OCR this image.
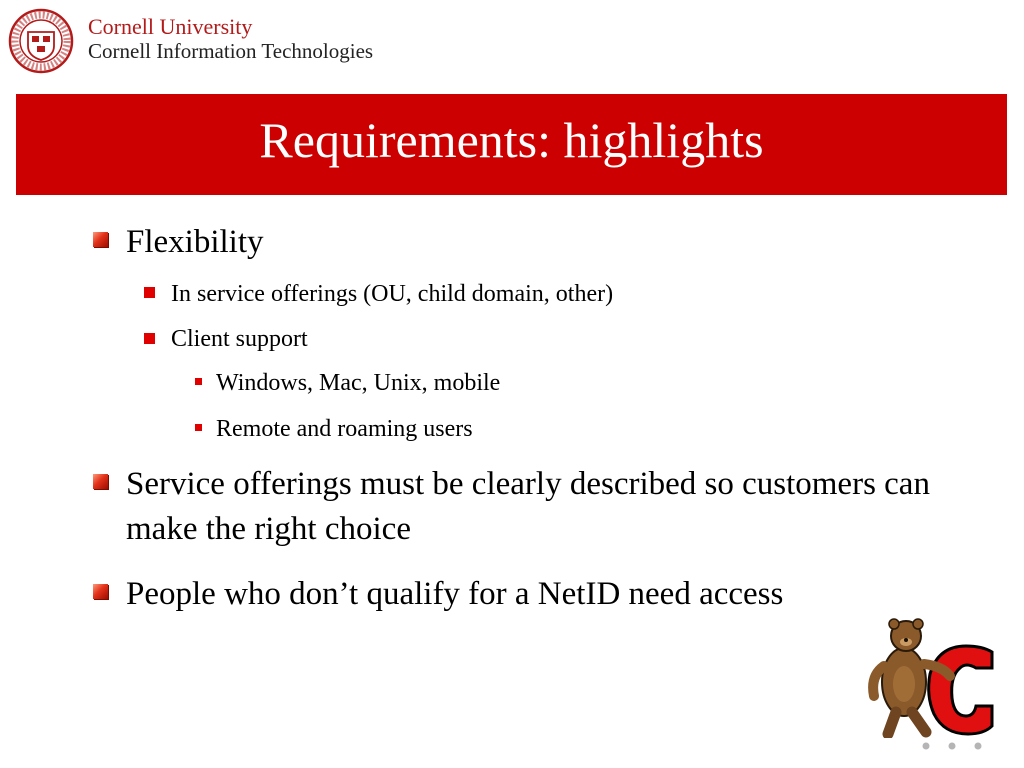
Cornell University
Cornell Information Technologies
Requirements: highlights
Flexibility
In service offerings (OU, child domain, other)
Client support
Windows, Mac, Unix, mobile
Remote and roaming users
Service offerings must be clearly described so customers can make the right choice
People who don’t qualify for a NetID need access
